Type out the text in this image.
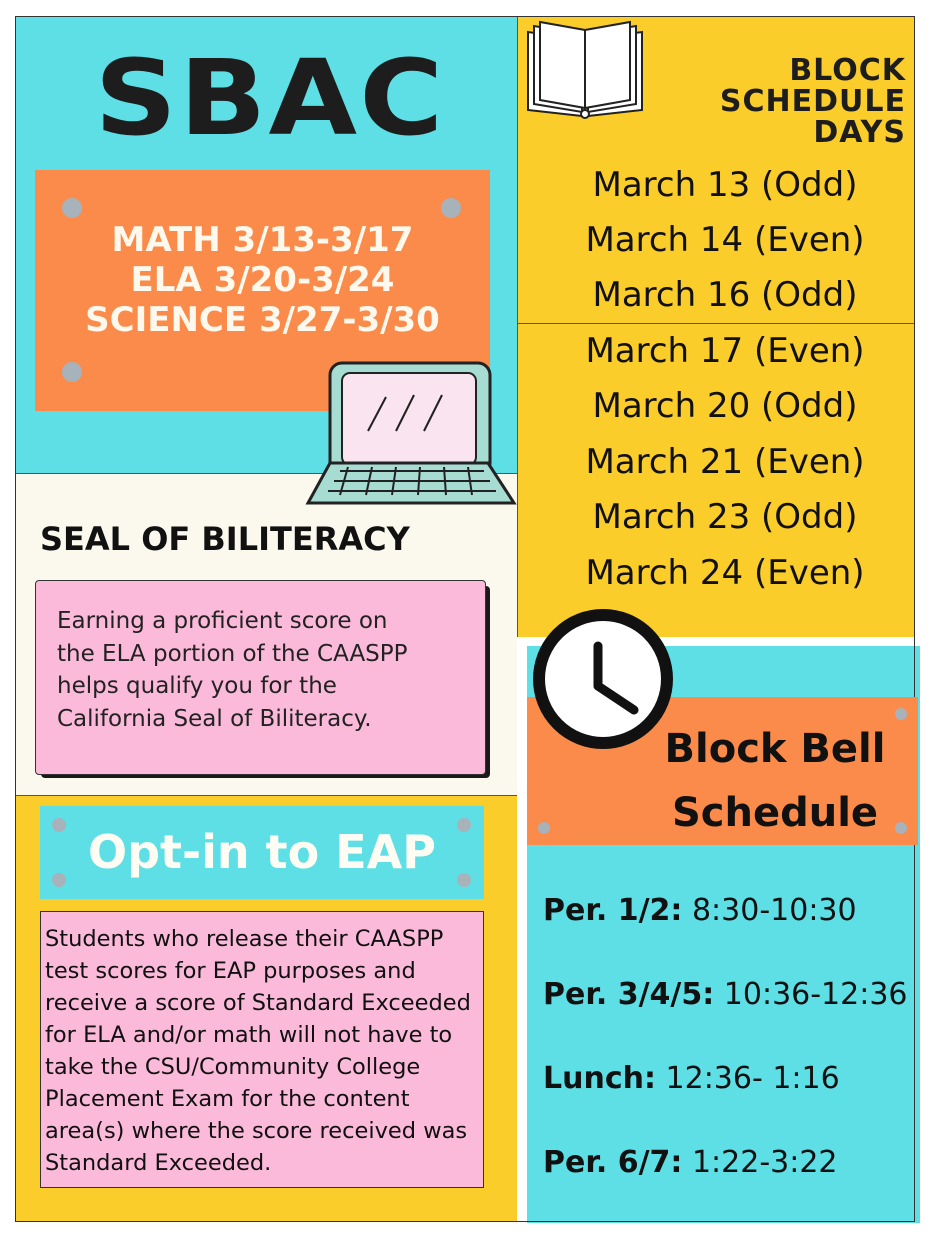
SBAC
MATH 3/13-3/17
ELA 3/20-3/24
SCIENCE 3/27-3/30
SEAL OF BILITERACY
Earning a proficient score on
the ELA portion of the CAASPP
helps qualify you for the
California Seal of Biliteracy.
Opt-in to EAP
Students who release their CAASPP
test scores for EAP purposes and
receive a score of Standard Exceeded
for ELA and/or math will not have to
take the CSU/Community College
Placement Exam for the content
area(s) where the score received was
Standard Exceeded.
BLOCK
SCHEDULE
DAYS
March 13 (Odd)
March 14 (Even)
March 16 (Odd)
March 17 (Even)
March 20 (Odd)
March 21 (Even)
March 23 (Odd)
March 24 (Even)
Block Bell
Schedule
Per. 1/2: 8:30-10:30
Per. 3/4/5: 10:36-12:36
Lunch: 12:36- 1:16
Per. 6/7: 1:22-3:22
